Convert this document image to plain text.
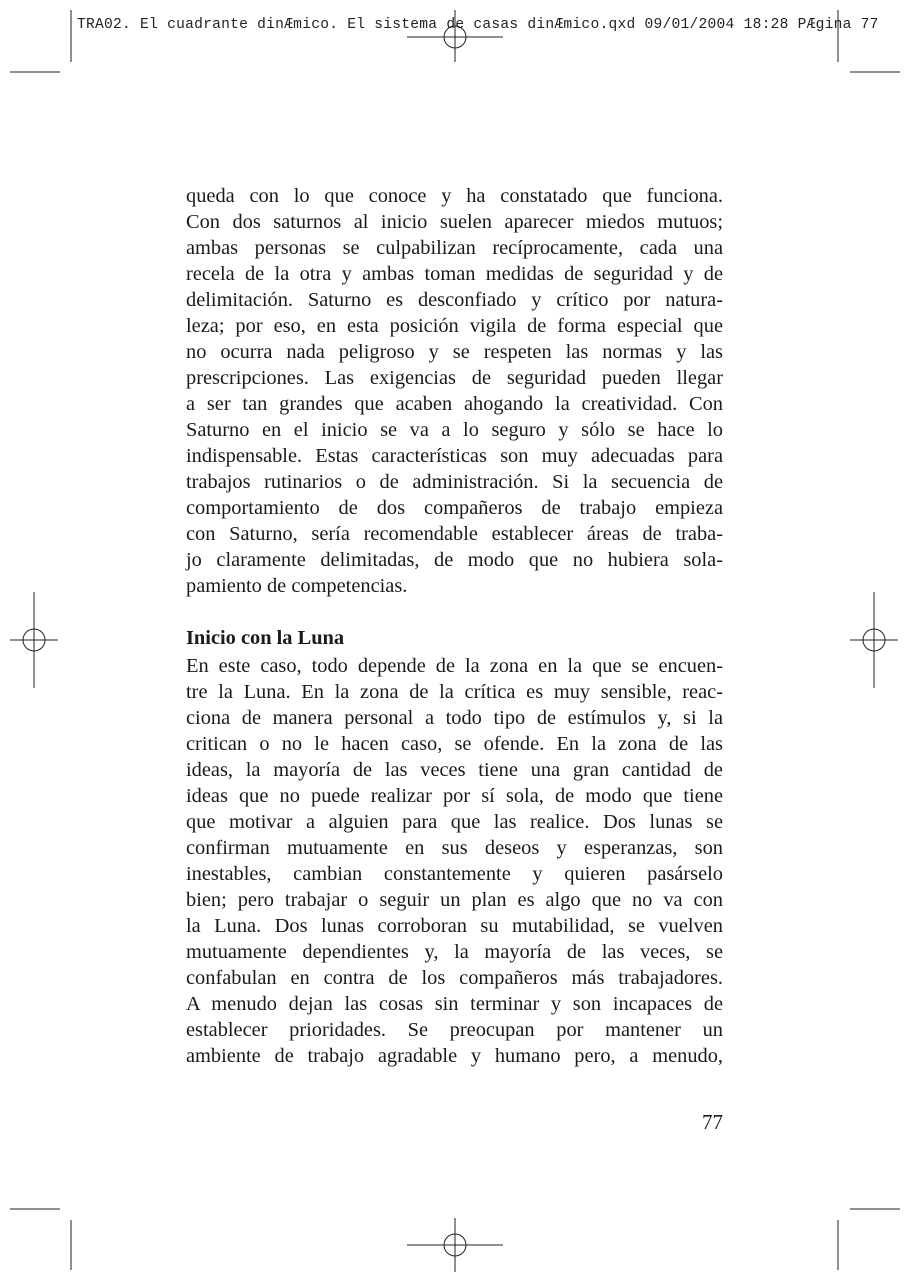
TRA02. El cuadrante dinÆmico. El sistema de casas dinÆmico.qxd 09/01/2004 18:28 PÆgina 77
queda con lo que conoce y ha constatado que funciona.
Con dos saturnos al inicio suelen aparecer miedos mutuos;
ambas personas se culpabilizan recíprocamente, cada una
recela de la otra y ambas toman medidas de seguridad y de
delimitación. Saturno es desconfiado y crítico por natura-
leza; por eso, en esta posición vigila de forma especial que
no ocurra nada peligroso y se respeten las normas y las
prescripciones. Las exigencias de seguridad pueden llegar
a ser tan grandes que acaben ahogando la creatividad. Con
Saturno en el inicio se va a lo seguro y sólo se hace lo
indispensable. Estas características son muy adecuadas para
trabajos rutinarios o de administración. Si la secuencia de
comportamiento de dos compañeros de trabajo empieza
con Saturno, sería recomendable establecer áreas de traba-
jo claramente delimitadas, de modo que no hubiera sola-
pamiento de competencias.
Inicio con la Luna
En este caso, todo depende de la zona en la que se encuen-
tre la Luna. En la zona de la crítica es muy sensible, reac-
ciona de manera personal a todo tipo de estímulos y, si la
critican o no le hacen caso, se ofende. En la zona de las
ideas, la mayoría de las veces tiene una gran cantidad de
ideas que no puede realizar por sí sola, de modo que tiene
que motivar a alguien para que las realice. Dos lunas se
confirman mutuamente en sus deseos y esperanzas, son
inestables, cambian constantemente y quieren pasárselo
bien; pero trabajar o seguir un plan es algo que no va con
la Luna. Dos lunas corroboran su mutabilidad, se vuelven
mutuamente dependientes y, la mayoría de las veces, se
confabulan en contra de los compañeros más trabajadores.
A menudo dejan las cosas sin terminar y son incapaces de
establecer prioridades. Se preocupan por mantener un
ambiente de trabajo agradable y humano pero, a menudo,
77
